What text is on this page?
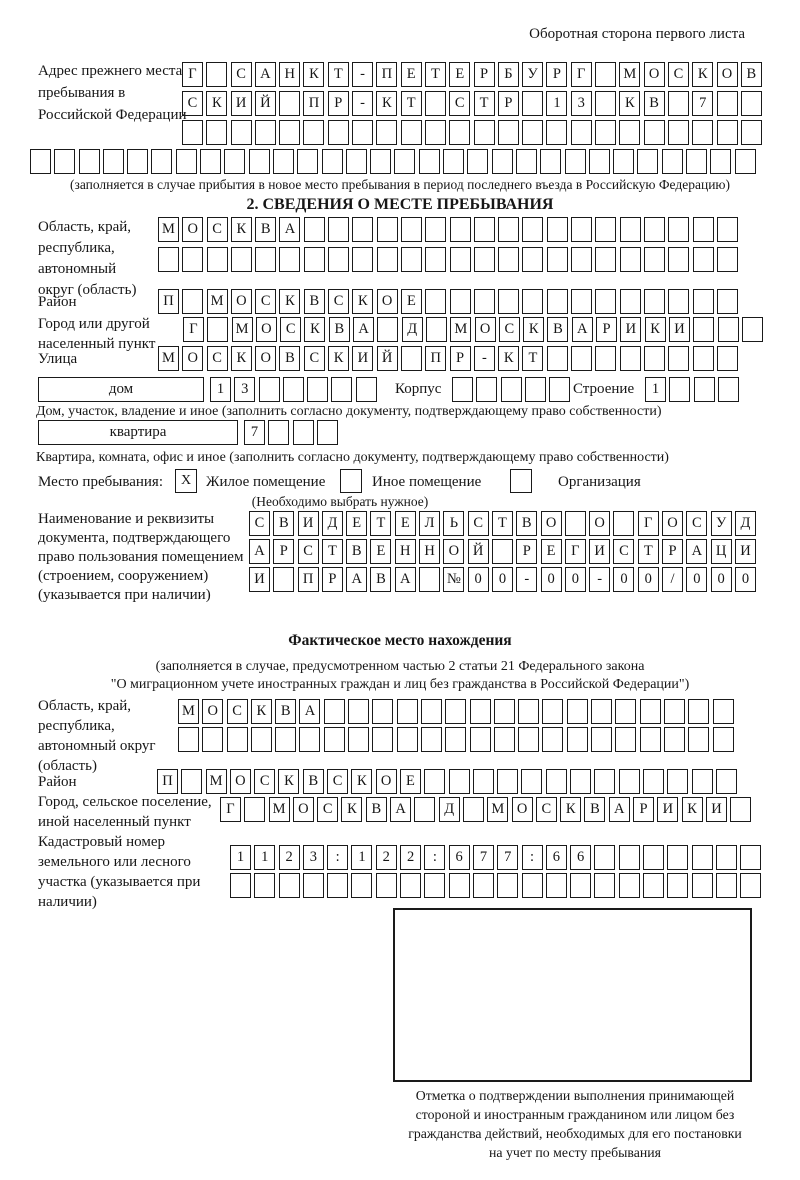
Оборотная сторона первого листа
Адрес прежнего места пребывания в Российской Федерации
Г	С А Н К	Т	-	П	Е	Т	Е	Р	Б	У	Р	Г	М О С	К О В
С	К И Й	П	Р	-	К	Т	С	Т	Р	1	3	К	В	7
(заполняется в случае прибытия в новое место пребывания в период последнего въезда в Российскую Федерацию)
2. СВЕДЕНИЯ О МЕСТЕ ПРЕБЫВАНИЯ
Область, край, республика, автономный округ (область)
М О С	К	В А
Район	П	М О С	К	В	С	К О	Е
Город или другой населенный пункт
Г	М О С	К	В А	Д	М О С	К	В А	Р	И К И
Улица	М О С	К О В	С	К И Й	П	Р	-	К	Т
дом	1	3	Корпус	Строение	1
Дом, участок, владение и иное (заполнить согласно документу, подтверждающему право собственности)
квартира	7
Квартира, комната, офис и иное (заполнить согласно документу, подтверждающему право собственности)
Место пребывания:	X Жилое помещение	Иное помещение	Организация
(Необходимо выбрать нужное)
Наименование и реквизиты документа, подтверждающего право пользования помещением (строением, сооружением) (указывается при наличии)
С	В И Д	Е	Т	Е	Л	Ь	С	Т	В О	О	Г	О С У Д
А	Р	С	Т	В	Е	Н Н О Й	Р	Е	Г	И С	Т	Р	А Ц И
И	П	Р	А В А	№ 0	0	-	0	0	-	0	0	/	0	0	0
Фактическое место нахождения
(заполняется в случае, предусмотренном частью 2 статьи 21 Федерального закона
"О миграционном учете иностранных граждан и лиц без гражданства в Российской Федерации")
Область, край, республика, автономный округ (область)
М О С	К	В А
Район	П	М О С	К	В	С	К О	Е
Город, сельское поселение, иной населенный пункт
Г	М О С	К	В А	Д	М О С	К	В А	Р	И К И
Кадастровый номер земельного или лесного участка (указывается при наличии)
1	1	2	3	:	1	2	2	:	6	7	7	:	6	6
Отметка о подтверждении выполнения принимающей
стороной и иностранным гражданином или лицом без
гражданства действий, необходимых для его постановки
на учет по месту пребывания
